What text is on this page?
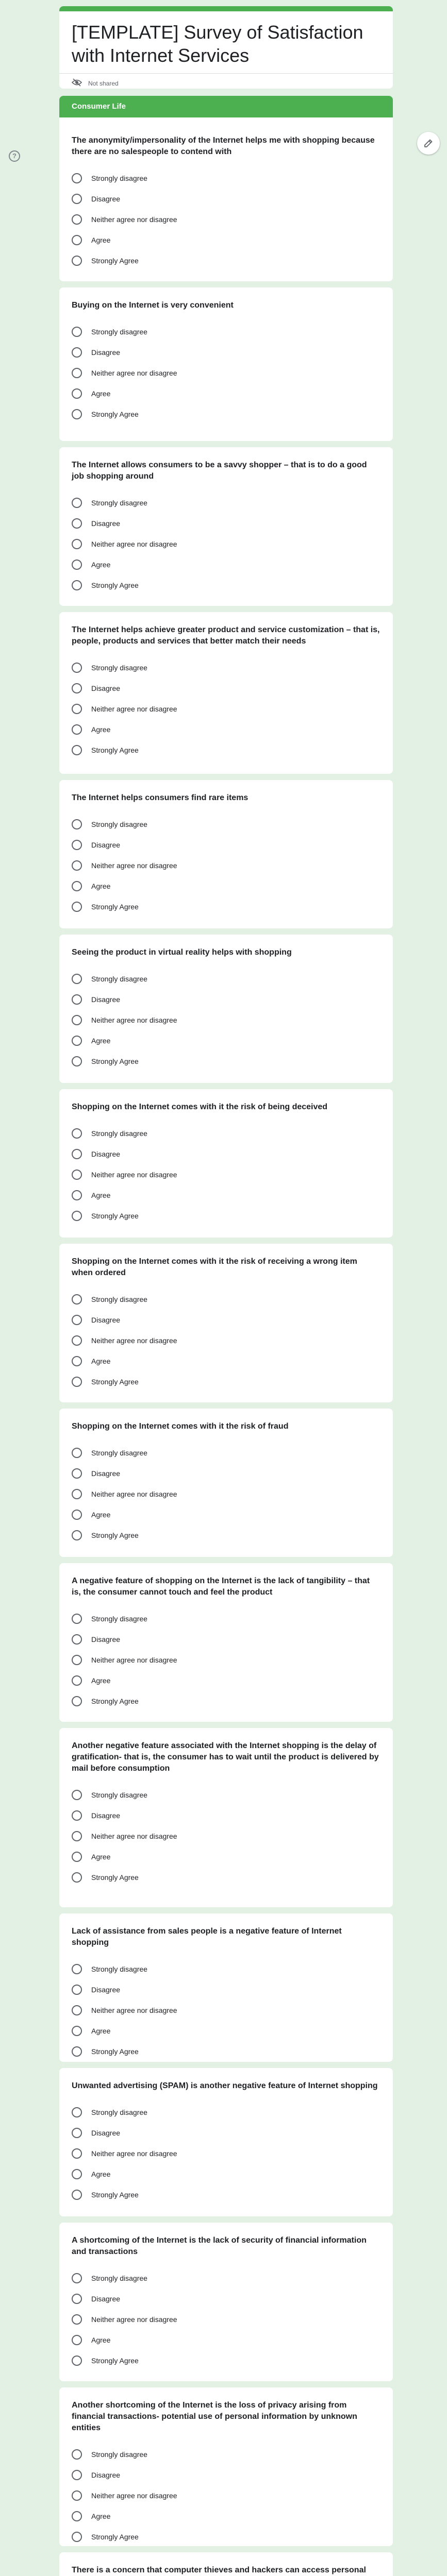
[TEMPLATE] Survey of Satisfaction with Internet Services
Not shared
Consumer Life
?
The anonymity/impersonality of the Internet helps me with shopping because there are no salespeople to contend with
Strongly disagree
Disagree
Neither agree nor disagree
Agree
Strongly Agree
Buying on the Internet is very convenient
Strongly disagree
Disagree
Neither agree nor disagree
Agree
Strongly Agree
The Internet allows consumers to be a savvy shopper – that is to do a good job shopping around
Strongly disagree
Disagree
Neither agree nor disagree
Agree
Strongly Agree
The Internet helps achieve greater product and service customization – that is, people, products and services that better match their needs
Strongly disagree
Disagree
Neither agree nor disagree
Agree
Strongly Agree
The Internet helps consumers find rare items
Strongly disagree
Disagree
Neither agree nor disagree
Agree
Strongly Agree
Seeing the product in virtual reality helps with shopping
Strongly disagree
Disagree
Neither agree nor disagree
Agree
Strongly Agree
Shopping on the Internet comes with it the risk of being deceived
Strongly disagree
Disagree
Neither agree nor disagree
Agree
Strongly Agree
Shopping on the Internet comes with it the risk of receiving a wrong item when ordered
Strongly disagree
Disagree
Neither agree nor disagree
Agree
Strongly Agree
Shopping on the Internet comes with it the risk of fraud
Strongly disagree
Disagree
Neither agree nor disagree
Agree
Strongly Agree
A negative feature of shopping on the Internet is the lack of tangibility – that is, the consumer cannot touch and feel the product
Strongly disagree
Disagree
Neither agree nor disagree
Agree
Strongly Agree
Another negative feature associated with the Internet shopping is the delay of gratification- that is, the consumer has to wait until the product is delivered by mail before consumption
Strongly disagree
Disagree
Neither agree nor disagree
Agree
Strongly Agree
Lack of assistance from sales people is a negative feature of Internet shopping
Strongly disagree
Disagree
Neither agree nor disagree
Agree
Strongly Agree
Unwanted advertising (SPAM) is another negative feature of Internet shopping
Strongly disagree
Disagree
Neither agree nor disagree
Agree
Strongly Agree
A shortcoming of the Internet is the lack of security of financial information and transactions
Strongly disagree
Disagree
Neither agree nor disagree
Agree
Strongly Agree
Another shortcoming of the Internet is the loss of privacy arising from financial transactions- potential use of personal information by unknown entities
Strongly disagree
Disagree
Neither agree nor disagree
Agree
Strongly Agree
There is a concern that computer thieves and hackers can access personal
